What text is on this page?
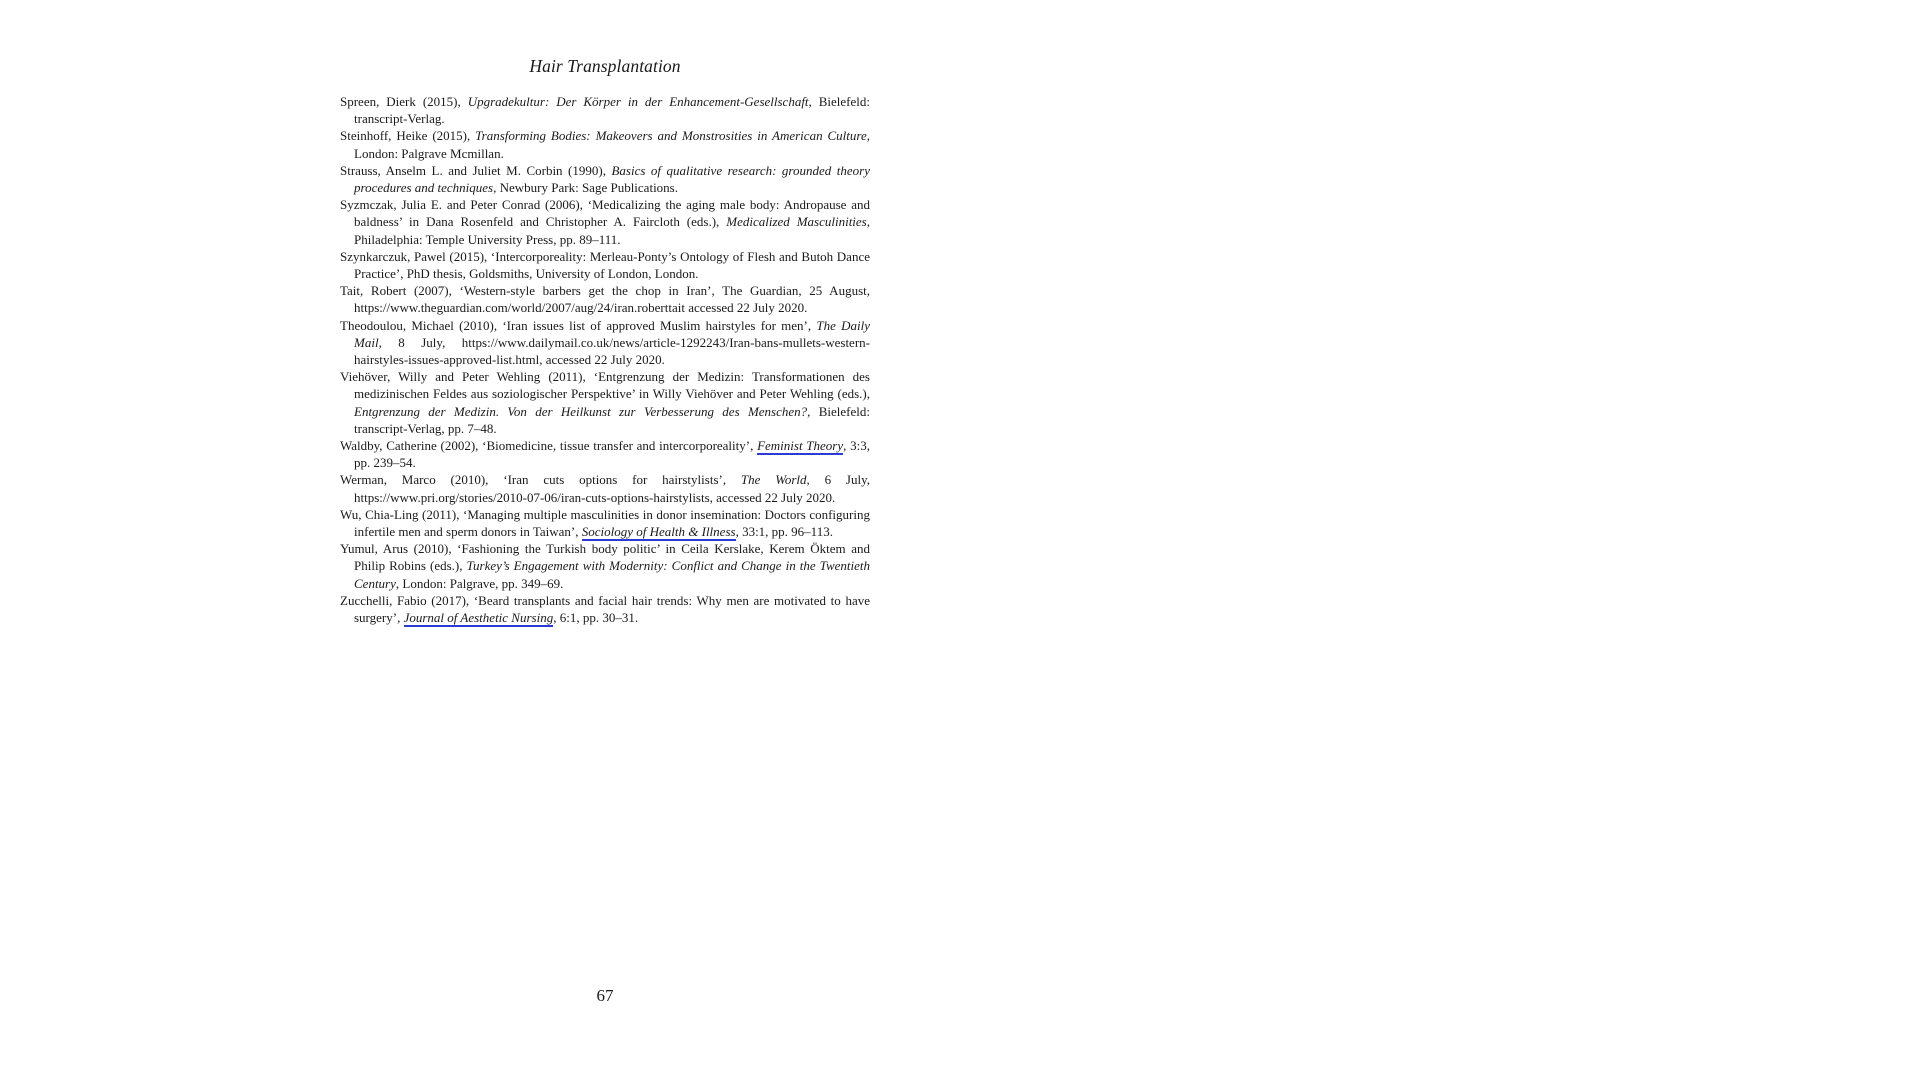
Hair Transplantation
Spreen, Dierk (2015), Upgradekultur: Der Körper in der Enhancement-Gesellschaft, Bielefeld: transcript-Verlag.
Steinhoff, Heike (2015), Transforming Bodies: Makeovers and Monstrosities in American Culture, London: Palgrave Mcmillan.
Strauss, Anselm L. and Juliet M. Corbin (1990), Basics of qualitative research: grounded theory procedures and techniques, Newbury Park: Sage Publications.
Syzmczak, Julia E. and Peter Conrad (2006), ‘Medicalizing the aging male body: Andropause and baldness’ in Dana Rosenfeld and Christopher A. Faircloth (eds.), Medicalized Masculinities, Philadelphia: Temple University Press, pp. 89–111.
Szynkarczuk, Pawel (2015), ‘Intercorporeality: Merleau-Ponty’s Ontology of Flesh and Butoh Dance Practice’, PhD thesis, Goldsmiths, University of London, London.
Tait, Robert (2007), ‘Western-style barbers get the chop in Iran’, The Guardian, 25 August, https://www.theguardian.com/world/2007/aug/24/iran.roberttait accessed 22 July 2020.
Theodoulou, Michael (2010), ‘Iran issues list of approved Muslim hairstyles for men’, The Daily Mail, 8 July, https://www.dailymail.co.uk/news/article-1292243/Iran-bans-mullets-western-hairstyles-issues-approved-list.html, accessed 22 July 2020.
Viehöver, Willy and Peter Wehling (2011), ‘Entgrenzung der Medizin: Transformationen des medizinischen Feldes aus soziologischer Perspektive’ in Willy Viehöver and Peter Wehling (eds.), Entgrenzung der Medizin. Von der Heilkunst zur Verbesserung des Menschen?, Bielefeld: transcript-Verlag, pp. 7–48.
Waldby, Catherine (2002), ‘Biomedicine, tissue transfer and intercorporeality’, Feminist Theory, 3:3, pp. 239–54.
Werman, Marco (2010), ‘Iran cuts options for hairstylists’, The World, 6 July, https://www.pri.org/stories/2010-07-06/iran-cuts-options-hairstylists, accessed 22 July 2020.
Wu, Chia-Ling (2011), ‘Managing multiple masculinities in donor insemination: Doctors configuring infertile men and sperm donors in Taiwan’, Sociology of Health & Illness, 33:1, pp. 96–113.
Yumul, Arus (2010), ‘Fashioning the Turkish body politic’ in Ceila Kerslake, Kerem Öktem and Philip Robins (eds.), Turkey’s Engagement with Modernity: Conflict and Change in the Twentieth Century, London: Palgrave, pp. 349–69.
Zucchelli, Fabio (2017), ‘Beard transplants and facial hair trends: Why men are motivated to have surgery’, Journal of Aesthetic Nursing, 6:1, pp. 30–31.
67
